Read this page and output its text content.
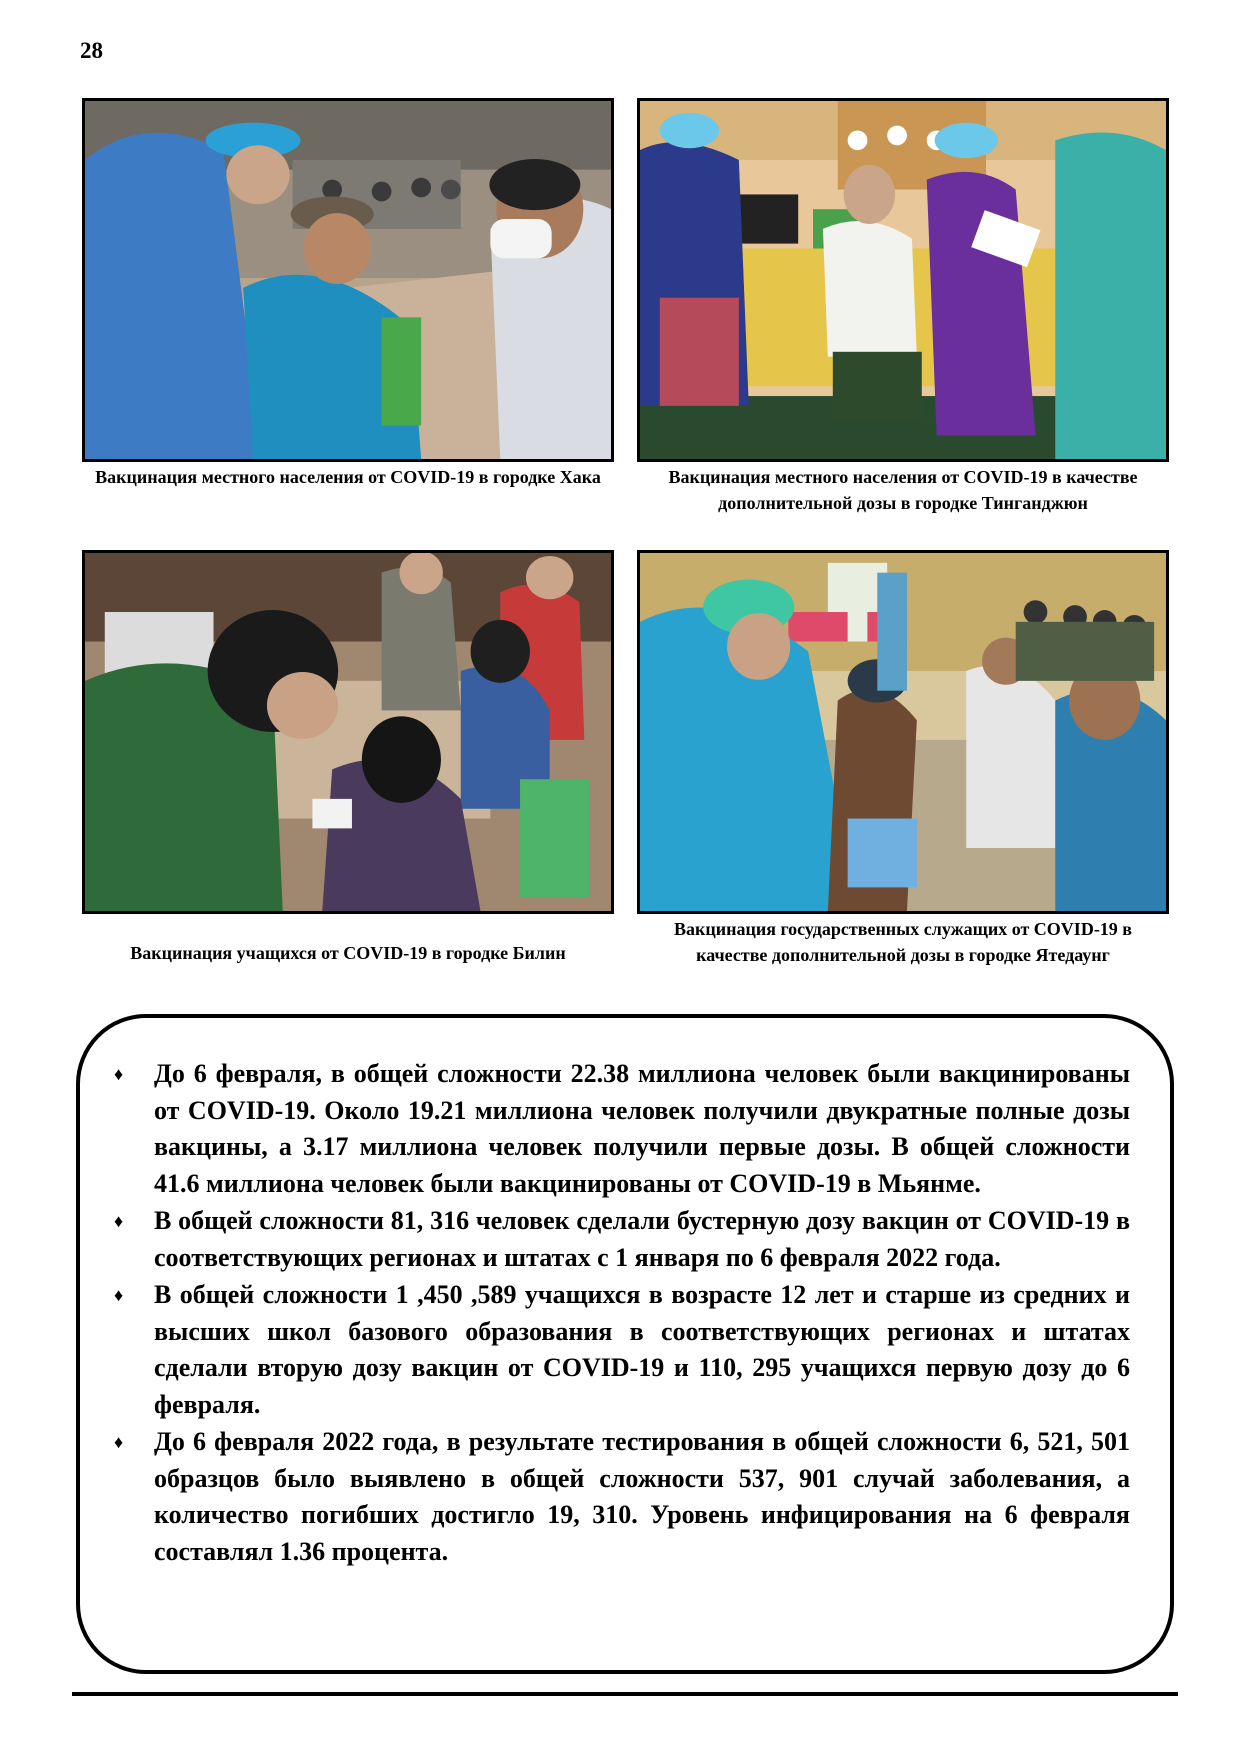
28
Вакцинация местного населения от COVID-19 в городке Хака	Вакцинация местного населения от COVID-19 в качестве дополнительной дозы в городке Тинганджюн
Вакцинация учащихся от COVID-19 в городке Билин
Вакцинация государственных служащих от COVID-19 в качестве дополнительной дозы в городке Ятедаунг
♦ До 6 февраля, в общей сложности 22.38 миллиона человек были вакцинированы от COVID-19. Около 19.21 миллиона человек получили двукратные полные дозы вакцины, а 3.17 миллиона человек получили первые дозы. В общей сложности 41.6 миллиона человек были вакцинированы от COVID-19 в Мьянме.
♦ В общей сложности 81, 316 человек сделали бустерную дозу вакцин от COVID-19 в соответствующих регионах и штатах с 1 января по 6 февраля 2022 года.
♦ В общей сложности 1 ,450 ,589 учащихся в возрасте 12 лет и старше из средних и высших школ базового образования в соответствующих регионах и штатах сделали вторую дозу вакцин от COVID-19 и 110, 295 учащихся первую дозу до 6 февраля.
♦ До 6 февраля 2022 года, в результате тестирования в общей сложности 6, 521, 501 образцов было выявлено в общей сложности 537, 901 случай заболевания, а количество погибших достигло 19, 310. Уровень инфицирования на 6 февраля составлял 1.36 процента.
